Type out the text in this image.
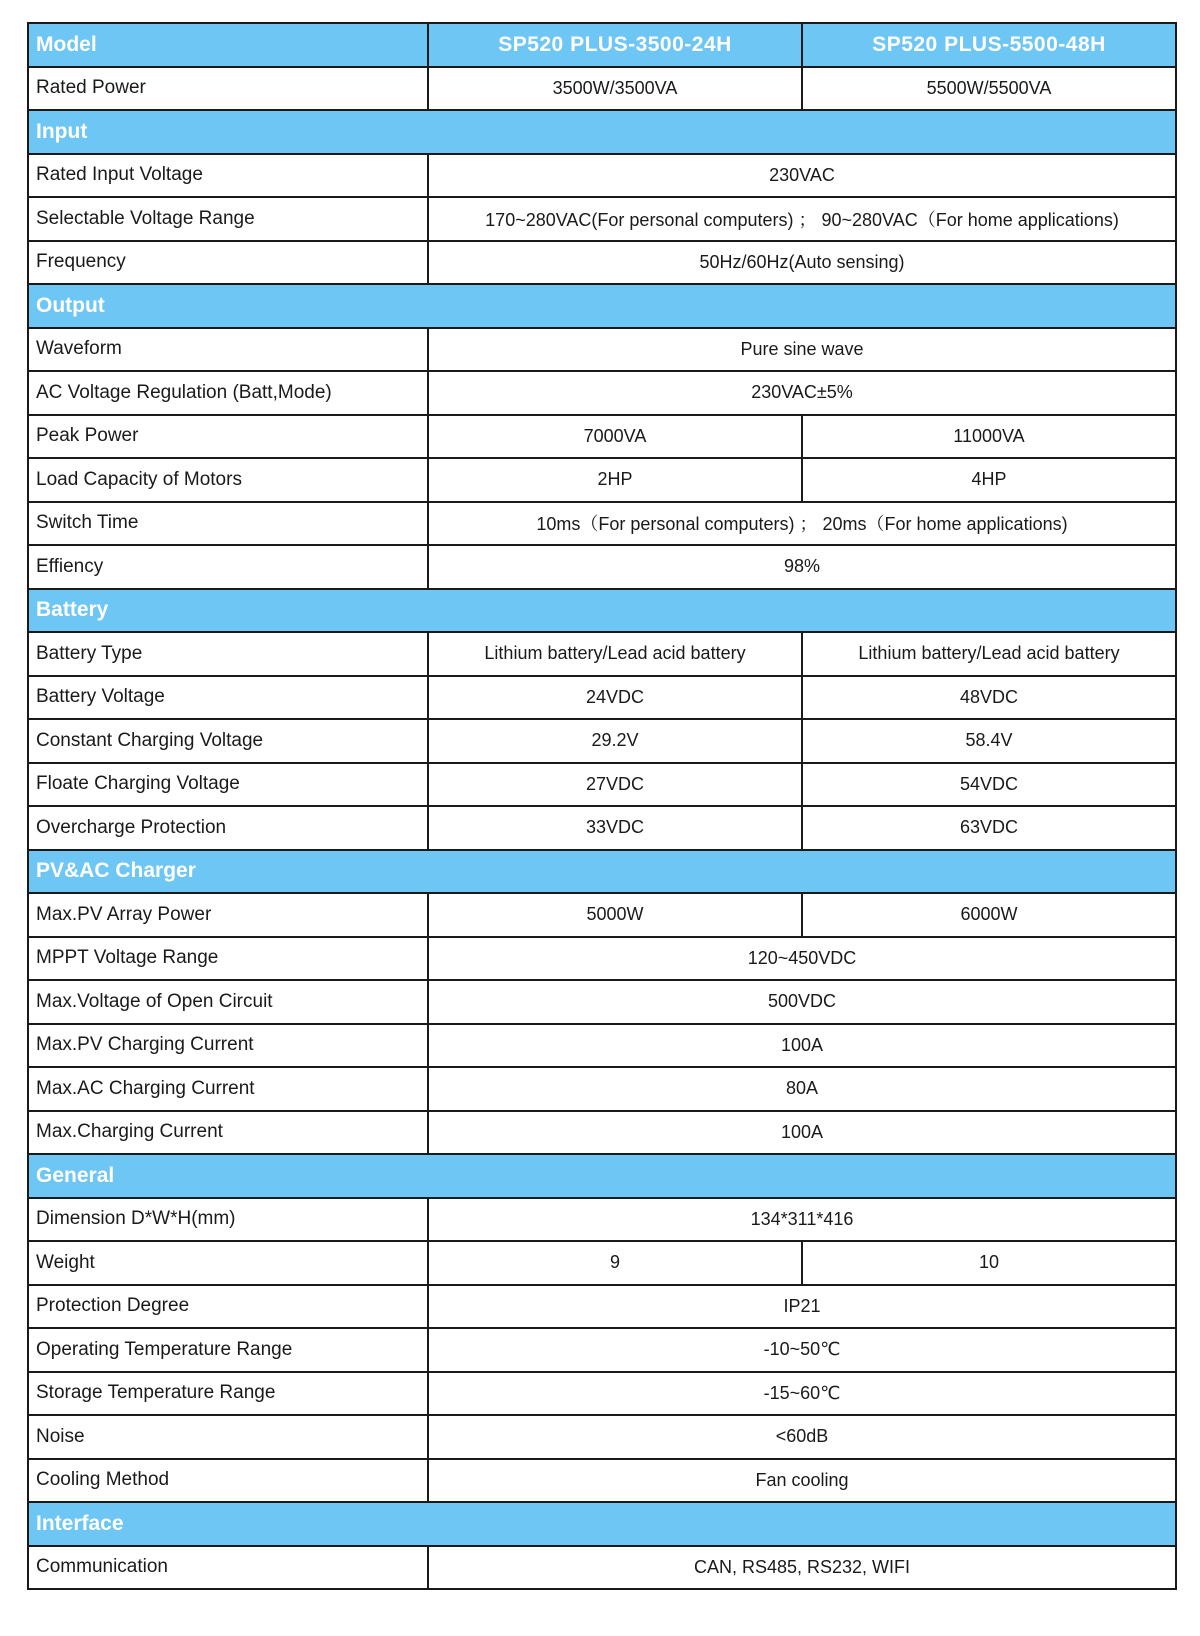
Model	SP520 PLUS-3500-24H	SP520 PLUS-5500-48H
Rated Power	3500W/3500VA	5500W/5500VA
Input		
Rated Input Voltage	230VAC	
Selectable Voltage Range	170~280VAC(For personal computers) ； 90~280VAC（For home applications)	
Frequency	50Hz/60Hz(Auto sensing)	
Output		
Waveform	Pure sine wave	
AC Voltage Regulation (Batt,Mode)	230VAC±5%	
Peak Power	7000VA	11000VA
Load Capacity of Motors	2HP	4HP
Switch Time	10ms（For personal computers) ； 20ms（For home applications)	
Effiency	98%	
Battery		
Battery Type	Lithium battery/Lead acid battery	Lithium battery/Lead acid battery
Battery Voltage	24VDC	48VDC
Constant Charging Voltage	29.2V	58.4V
Floate Charging Voltage	27VDC	54VDC
Overcharge Protection	33VDC	63VDC
PV&AC Charger		
Max.PV Array Power	5000W	6000W
MPPT Voltage Range	120~450VDC	
Max.Voltage of Open Circuit	500VDC	
Max.PV Charging Current	100A	
Max.AC Charging Current	80A	
Max.Charging Current	100A	
General		
Dimension D*W*H(mm)	134*311*416	
Weight	9	10
Protection Degree	IP21	
Operating Temperature Range	-10~50℃	
Storage Temperature Range	-15~60℃	
Noise	<60dB	
Cooling Method	Fan cooling	
Interface		
Communication	CAN, RS485, RS232, WIFI	
